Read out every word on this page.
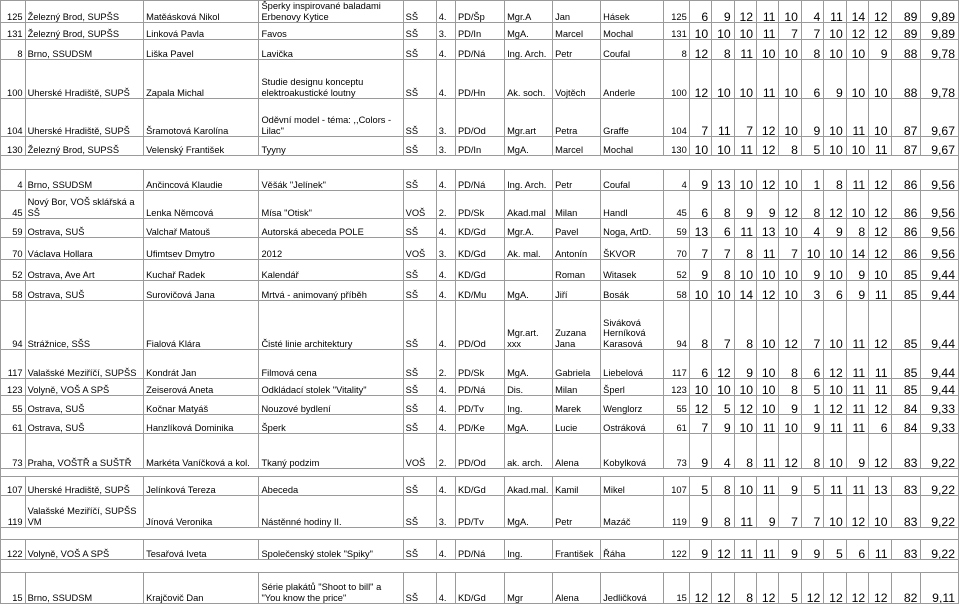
125	Železný Brod, SUPŠS	Matěásková Nikol	Šperky inspirované baladami Erbenovy Kytice	SŠ	4.	PD/Šp	Mgr.A	Jan	Hásek	125	6	9	12	11	10	4	11	14	12	89	9,89
131	Železný Brod, SUPŠS	Linková Pavla	Favos	SŠ	3.	PD/In	MgA.	Marcel	Mochal	131	10	10	10	11	7	7	10	12	12	89	9,89
8	Brno, SSUDSM	Liška Pavel	Lavička	SŠ	4.	PD/Ná	Ing. Arch.	Petr	Coufal	8	12	8	11	10	10	8	10	10	9	88	9,78
100	Uherské Hradiště, SUPŠ	Zapala Michal	Studie designu konceptu elektroakustické loutny	SŠ	4.	PD/Hn	Ak. soch.	Vojtěch	Anderle	100	12	10	10	11	10	6	9	10	10	88	9,78
104	Uherské Hradiště, SUPŠ	Šramotová Karolína	Oděvní model - téma: ,,Colors - Lilac"	SŠ	3.	PD/Od	Mgr.art	Petra	Graffe	104	7	11	7	12	10	9	10	11	10	87	9,67
130	Železný Brod, SUPSŠ	Velenský František	Tyyny	SŠ	3.	PD/In	MgA.	Marcel	Mochal	130	10	10	11	12	8	5	10	10	11	87	9,67

4	Brno, SSUDSM	Ančincová Klaudie	Věšák "Jelínek"	SŠ	4.	PD/Ná	Ing. Arch.	Petr	Coufal	4	9	13	10	12	10	1	8	11	12	86	9,56
45	Nový Bor, VOŠ sklářská a SŠ	Lenka Němcová	Mísa "Otisk"	VOŠ	2.	PD/Sk	Akad.mal	Milan	Handl	45	6	8	9	9	12	8	12	10	12	86	9,56
59	Ostrava, SUŠ	Valchař Matouš	Autorská abeceda POLE	SŠ	4.	KD/Gd	Mgr.A.	Pavel	Noga, ArtD.	59	13	6	11	13	10	4	9	8	12	86	9,56
70	Václava Hollara	Ufimtsev Dmytro	2012	VOŠ	3.	KD/Gd	Ak. mal.	Antonín	ŠKVOR	70	7	7	8	11	7	10	10	14	12	86	9,56
52	Ostrava, Ave Art	Kuchař Radek	Kalendář	SŠ	4.	KD/Gd		Roman	Witasek	52	9	8	10	10	10	9	10	9	10	85	9,44
58	Ostrava, SUŠ	Surovičová Jana	Mrtvá - animovaný příběh	SŠ	4.	KD/Mu	MgA.	Jiří	Bosák	58	10	10	14	12	10	3	6	9	11	85	9,44
94	Strážnice, SŠS	Fialová Klára	Čisté linie architektury	SŠ	4.	PD/Od	Mgr.art. xxx	Zuzana Jana	Siváková Herníková Karasová	94	8	7	8	10	12	7	10	11	12	85	9,44
117	Valašské Meziříčí, SUPŠS	Kondrát Jan	Filmová cena	SŠ	2.	PD/Sk	MgA.	Gabriela	Liebelová	117	6	12	9	10	8	6	12	11	11	85	9,44
123	Volyně, VOŠ A SPŠ	Zeiserová Aneta	Odkládací stolek "Vitality"	SŠ	4.	PD/Ná	Dis.	Milan	Šperl	123	10	10	10	10	8	5	10	11	11	85	9,44
55	Ostrava, SUŠ	Kočnar Matyáš	Nouzové bydlení	SŠ	4.	PD/Tv	Ing.	Marek	Wenglorz	55	12	5	12	10	9	1	12	11	12	84	9,33
61	Ostrava, SUŠ	Hanzlíková Dominika	Šperk	SŠ	4.	PD/Ke	MgA.	Lucie	Ostráková	61	7	9	10	11	10	9	11	11	6	84	9,33
73	Praha, VOŠTŘ a SUŠTŘ	Markéta Vaníčková a kol.	Tkaný podzim	VOŠ	2.	PD/Od	ak. arch.	Alena	Kobylková	73	9	4	8	11	12	8	10	9	12	83	9,22

107	Uherské Hradiště, SUPŠ	Jelínková Tereza	Abeceda	SŠ	4.	KD/Gd	Akad.mal.	Kamil	Mikel	107	5	8	10	11	9	5	11	11	13	83	9,22
119	Valašské Meziříčí, SUPŠS VM	Jínová Veronika	Nástěnné hodiny II.	SŠ	3.	PD/Tv	MgA.	Petr	Mazáč	119	9	8	11	9	7	7	10	12	10	83	9,22

122	Volyně, VOŠ A SPŠ	Tesařová Iveta	Společenský stolek "Spiky"	SŠ	4.	PD/Ná	Ing.	František	Řáha	122	9	12	11	11	9	9	5	6	11	83	9,22

15	Brno, SSUDSM	Krajčovič Dan	Série plakátů "Shoot to bill" a "You know the price"	SŠ	4.	KD/Gd	Mgr	Alena	Jedličková	15	12	12	8	12	5	12	12	12	12	82	9,11
